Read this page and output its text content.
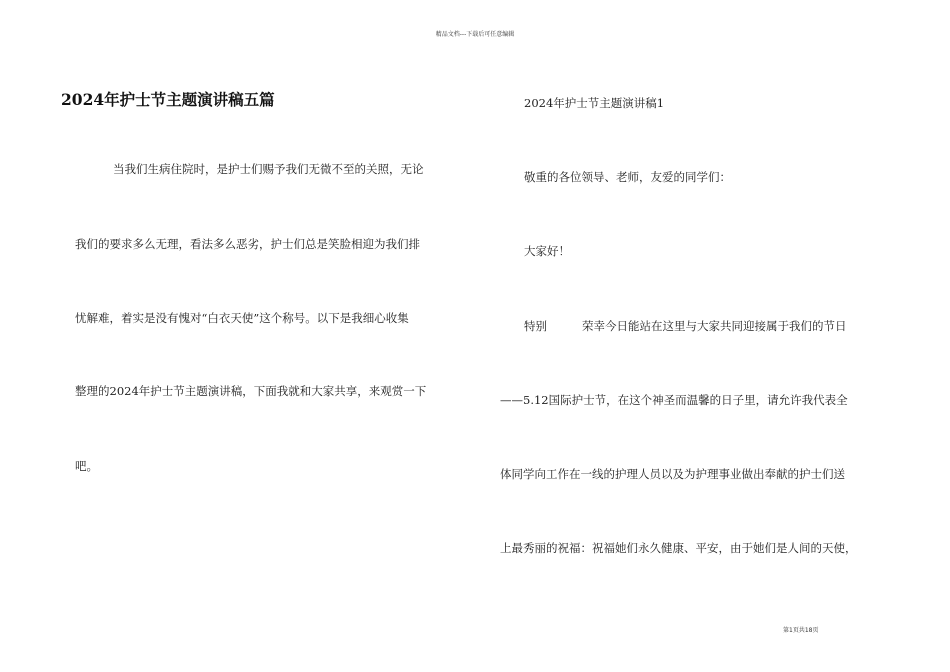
精品文档---下载后可任意编辑
2024年护士节主题演讲稿五篇

当我们生病住院时，是护士们赐予我们无微不至的关照，无论

我们的要求多么无理，看法多么恶劣，护士们总是笑脸相迎为我们排

忧解难，着实是没有愧对“白衣天使”这个称号。以下是我细心收集

整理的2024年护士节主题演讲稿，下面我就和大家共享，来观赏一下

吧。

2024年护士节主题演讲稿1

敬重的各位领导、老师，友爱的同学们：

大家好！

特别	荣幸今日能站在这里与大家共同迎接属于我们的节日

——5.12国际护士节，在这个神圣而温馨的日子里，请允许我代表全

体同学向工作在一线的护理人员以及为护理事业做出奉献的护士们送

上最秀丽的祝福：祝福她们永久健康、平安，由于她们是人间的天使，

第1页共18页
